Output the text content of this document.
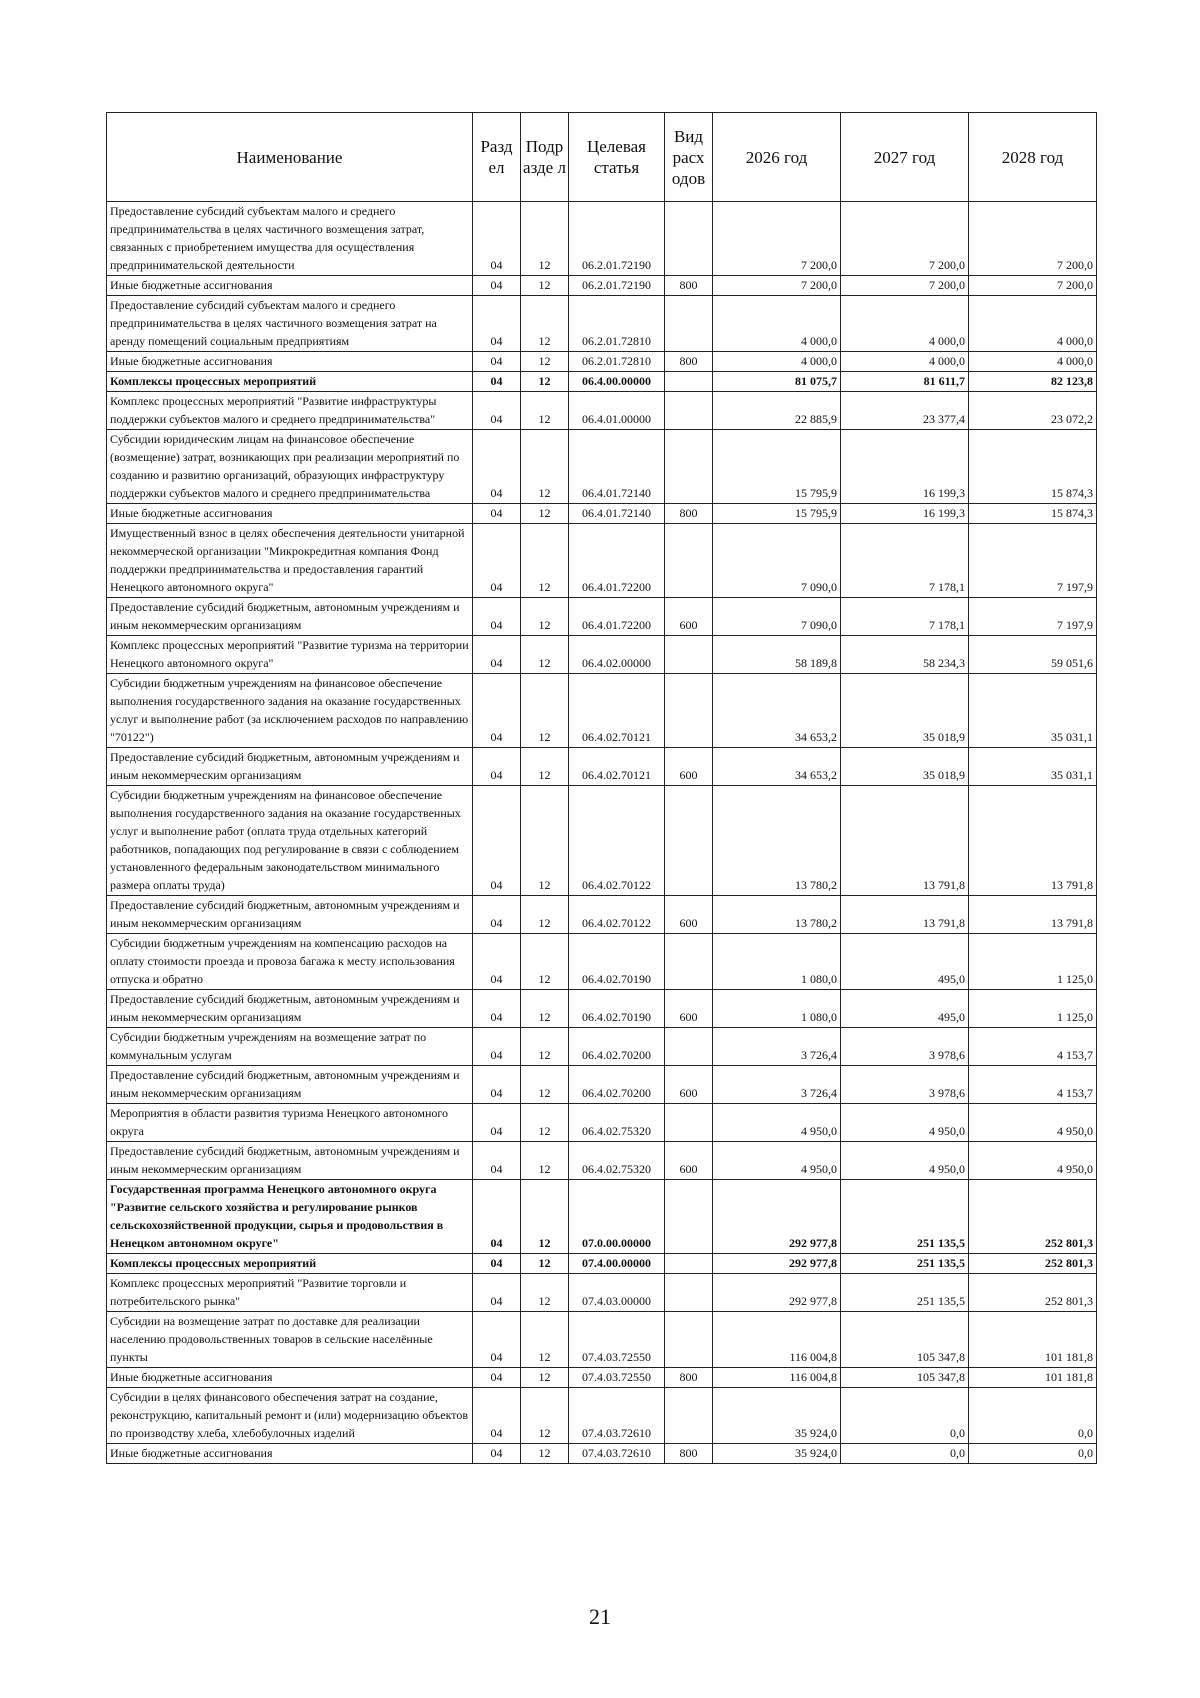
Наименование	Разд ел	Подр азде л	Целевая статья	Вид расх одов	2026 год	2027 год	2028 год
Предоставление субсидий субъектам малого и среднего предпринимательства в целях частичного возмещения затрат, связанных с приобретением имущества для осуществления предпринимательской деятельности	04	12	06.2.01.72190		7 200,0	7 200,0	7 200,0
Иные бюджетные ассигнования	04	12	06.2.01.72190	800	7 200,0	7 200,0	7 200,0
Предоставление субсидий субъектам малого и среднего предпринимательства в целях частичного возмещения затрат на аренду помещений социальным предприятиям	04	12	06.2.01.72810		4 000,0	4 000,0	4 000,0
Иные бюджетные ассигнования	04	12	06.2.01.72810	800	4 000,0	4 000,0	4 000,0
Комплексы процессных мероприятий	04	12	06.4.00.00000		81 075,7	81 611,7	82 123,8
Комплекс процессных мероприятий "Развитие инфраструктуры поддержки субъектов малого и среднего предпринимательства"	04	12	06.4.01.00000		22 885,9	23 377,4	23 072,2
Субсидии юридическим лицам на финансовое обеспечение (возмещение) затрат, возникающих при реализации мероприятий по созданию и развитию организаций, образующих инфраструктуру поддержки субъектов малого и среднего предпринимательства	04	12	06.4.01.72140		15 795,9	16 199,3	15 874,3
Иные бюджетные ассигнования	04	12	06.4.01.72140	800	15 795,9	16 199,3	15 874,3
Имущественный взнос в целях обеспечения деятельности унитарной некоммерческой организации "Микрокредитная компания Фонд поддержки предпринимательства и предоставления гарантий Ненецкого автономного округа"	04	12	06.4.01.72200		7 090,0	7 178,1	7 197,9
Предоставление субсидий бюджетным, автономным учреждениям и иным некоммерческим организациям	04	12	06.4.01.72200	600	7 090,0	7 178,1	7 197,9
Комплекс процессных мероприятий "Развитие туризма на территории Ненецкого автономного округа"	04	12	06.4.02.00000		58 189,8	58 234,3	59 051,6
Субсидии бюджетным учреждениям на финансовое обеспечение выполнения государственного задания на оказание государственных услуг и выполнение работ (за исключением расходов по направлению "70122")	04	12	06.4.02.70121		34 653,2	35 018,9	35 031,1
Предоставление субсидий бюджетным, автономным учреждениям и иным некоммерческим организациям	04	12	06.4.02.70121	600	34 653,2	35 018,9	35 031,1
Субсидии бюджетным учреждениям на финансовое обеспечение выполнения государственного задания на оказание государственных услуг и выполнение работ (оплата труда отдельных категорий работников, попадающих под регулирование в связи с соблюдением установленного федеральным законодательством минимального размера оплаты труда)	04	12	06.4.02.70122		13 780,2	13 791,8	13 791,8
Предоставление субсидий бюджетным, автономным учреждениям и иным некоммерческим организациям	04	12	06.4.02.70122	600	13 780,2	13 791,8	13 791,8
Субсидии бюджетным учреждениям на компенсацию расходов на оплату стоимости проезда и провоза багажа к месту использования отпуска и обратно	04	12	06.4.02.70190		1 080,0	495,0	1 125,0
Предоставление субсидий бюджетным, автономным учреждениям и иным некоммерческим организациям	04	12	06.4.02.70190	600	1 080,0	495,0	1 125,0
Субсидии бюджетным учреждениям на возмещение затрат по коммунальным услугам	04	12	06.4.02.70200		3 726,4	3 978,6	4 153,7
Предоставление субсидий бюджетным, автономным учреждениям и иным некоммерческим организациям	04	12	06.4.02.70200	600	3 726,4	3 978,6	4 153,7
Мероприятия в области развития туризма Ненецкого автономного округа	04	12	06.4.02.75320		4 950,0	4 950,0	4 950,0
Предоставление субсидий бюджетным, автономным учреждениям и иным некоммерческим организациям	04	12	06.4.02.75320	600	4 950,0	4 950,0	4 950,0
Государственная программа Ненецкого автономного округа "Развитие сельского хозяйства и регулирование рынков сельскохозяйственной продукции, сырья и продовольствия в Ненецком автономном округе"	04	12	07.0.00.00000		292 977,8	251 135,5	252 801,3
Комплексы процессных мероприятий	04	12	07.4.00.00000		292 977,8	251 135,5	252 801,3
Комплекс процессных мероприятий "Развитие торговли и потребительского рынка"	04	12	07.4.03.00000		292 977,8	251 135,5	252 801,3
Субсидии на возмещение затрат по доставке для реализации населению продовольственных товаров в сельские населённые пункты	04	12	07.4.03.72550		116 004,8	105 347,8	101 181,8
Иные бюджетные ассигнования	04	12	07.4.03.72550	800	116 004,8	105 347,8	101 181,8
Субсидии в целях финансового обеспечения затрат на создание, реконструкцию, капитальный ремонт и (или) модернизацию объектов по производству хлеба, хлебобулочных изделий	04	12	07.4.03.72610		35 924,0	0,0	0,0
Иные бюджетные ассигнования	04	12	07.4.03.72610	800	35 924,0	0,0	0,0
21
